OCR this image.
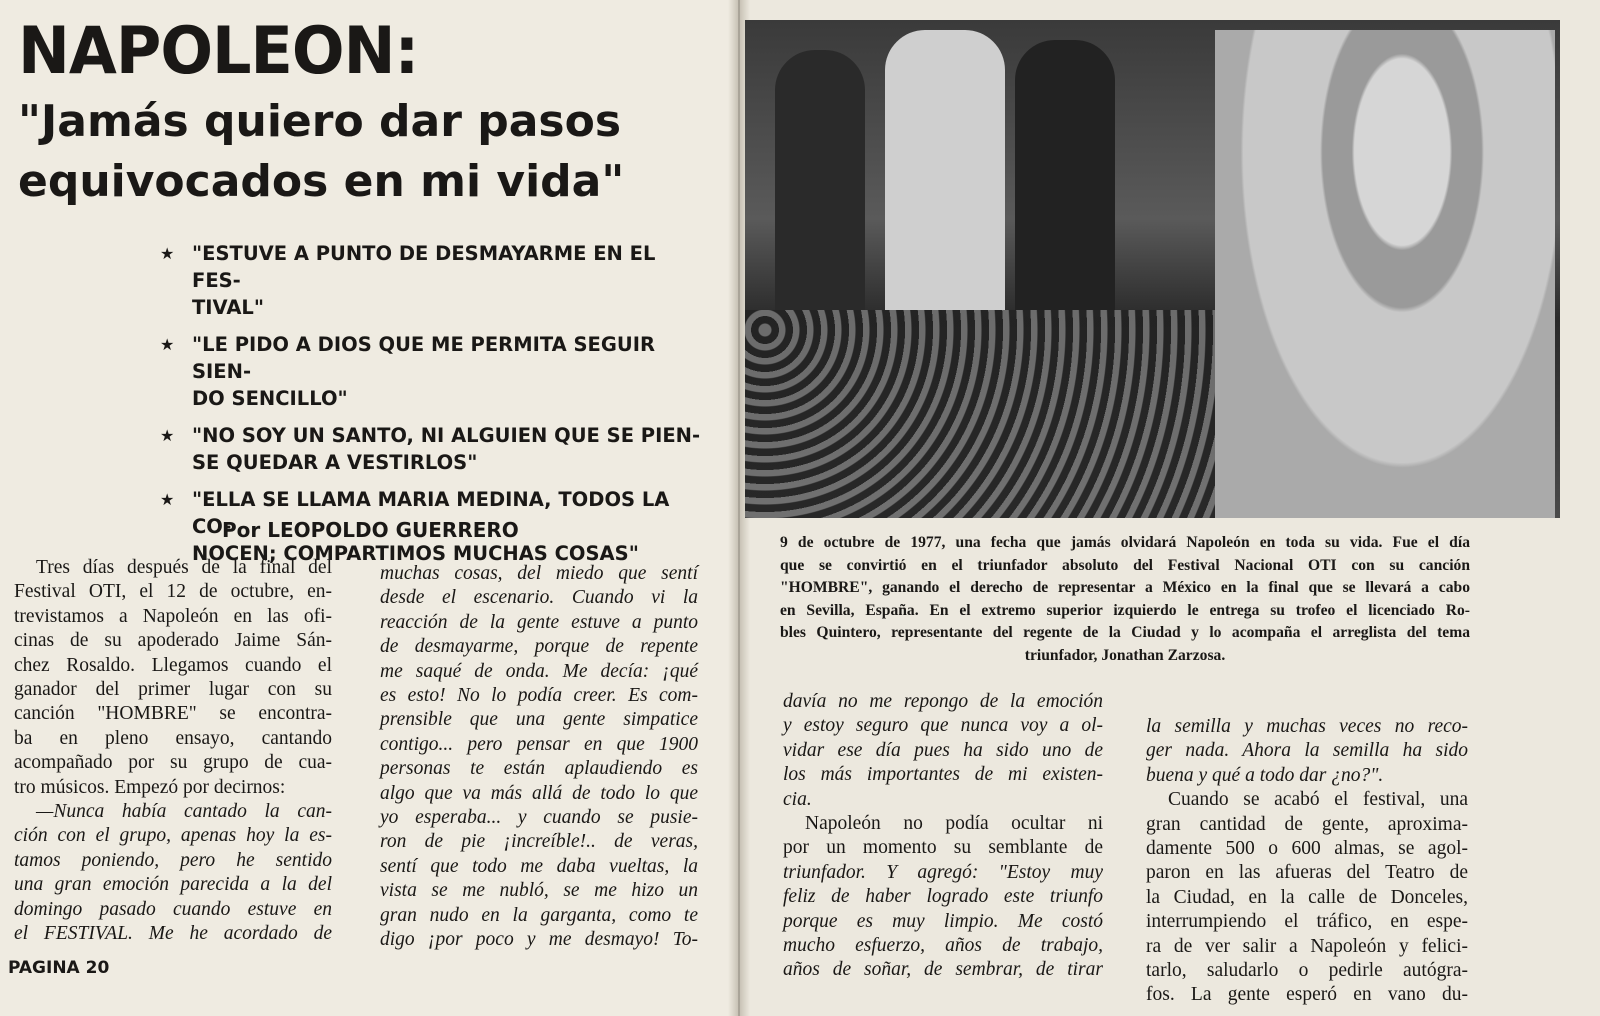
NAPOLEON:
"Jamás quiero dar pasos
equivocados en mi vida"
★ "ESTUVE A PUNTO DE DESMAYARME EN EL FES-
TIVAL"
★ "LE PIDO A DIOS QUE ME PERMITA SEGUIR SIEN-
DO SENCILLO"
★ "NO SOY UN SANTO, NI ALGUIEN QUE SE PIEN-
SE QUEDAR A VESTIRLOS"
★ "ELLA SE LLAMA MARIA MEDINA, TODOS LA CO-
NOCEN; COMPARTIMOS MUCHAS COSAS"
Por LEOPOLDO GUERRERO
Tres días después de la final del
Festival OTI, el 12 de octubre, en-
trevistamos a Napoleón en las ofi-
cinas de su apoderado Jaime Sán-
chez Rosaldo. Llegamos cuando el
ganador del primer lugar con su
canción "HOMBRE" se encontra-
ba en pleno ensayo, cantando
acompañado por su grupo de cua-
tro músicos. Empezó por decirnos:
—Nunca había cantado la can-
ción con el grupo, apenas hoy la es-
tamos poniendo, pero he sentido
una gran emoción parecida a la del
domingo pasado cuando estuve en
el FESTIVAL. Me he acordado de
muchas cosas, del miedo que sentí
desde el escenario. Cuando vi la
reacción de la gente estuve a punto
de desmayarme, porque de repente
me saqué de onda. Me decía: ¡qué
es esto! No lo podía creer. Es com-
prensible que una gente simpatice
contigo... pero pensar en que 1900
personas te están aplaudiendo es
algo que va más allá de todo lo que
yo esperaba... y cuando se pusie-
ron de pie ¡increíble!.. de veras,
sentí que todo me daba vueltas, la
vista se me nubló, se me hizo un
gran nudo en la garganta, como te
digo ¡por poco y me desmayo! To-
PAGINA 20
9 de octubre de 1977, una fecha que jamás olvidará Napoleón en toda su vida. Fue el día
que se convirtió en el triunfador absoluto del Festival Nacional OTI con su canción
"HOMBRE", ganando el derecho de representar a México en la final que se llevará a cabo
en Sevilla, España. En el extremo superior izquierdo le entrega su trofeo el licenciado Ro-
bles Quintero, representante del regente de la Ciudad y lo acompaña el arreglista del tema
triunfador, Jonathan Zarzosa.
davía no me repongo de la emoción
y estoy seguro que nunca voy a ol-
vidar ese día pues ha sido uno de
los más importantes de mi existen-
cia.
Napoleón no podía ocultar ni
por un momento su semblante de
triunfador. Y agregó: "Estoy muy
feliz de haber logrado este triunfo
porque es muy limpio. Me costó
mucho esfuerzo, años de trabajo,
años de soñar, de sembrar, de tirar
la semilla y muchas veces no reco-
ger nada. Ahora la semilla ha sido
buena y qué a todo dar ¿no?".
Cuando se acabó el festival, una
gran cantidad de gente, aproxima-
damente 500 o 600 almas, se agol-
paron en las afueras del Teatro de
la Ciudad, en la calle de Donceles,
interrumpiendo el tráfico, en espe-
ra de ver salir a Napoleón y felici-
tarlo, saludarlo o pedirle autógra-
fos. La gente esperó en vano du-
